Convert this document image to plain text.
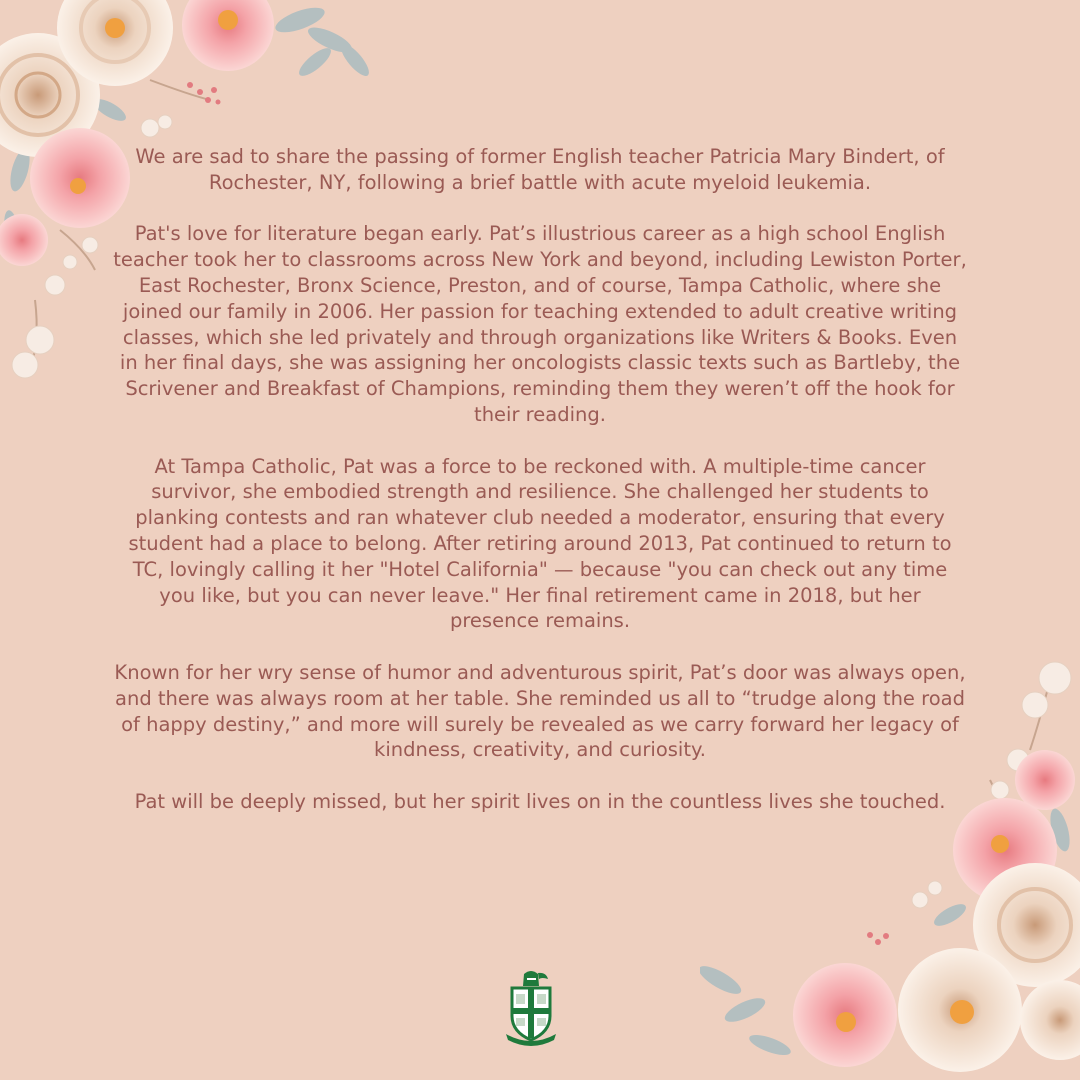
We are sad to share the passing of former English teacher Patricia Mary Bindert, of Rochester, NY, following a brief battle with acute myeloid leukemia.

Pat's love for literature began early. Pat’s illustrious career as a high school English teacher took her to classrooms across New York and beyond, including Lewiston Porter, East Rochester, Bronx Science, Preston, and of course, Tampa Catholic, where she joined our family in 2006. Her passion for teaching extended to adult creative writing classes, which she led privately and through organizations like Writers & Books. Even in her final days, she was assigning her oncologists classic texts such as Bartleby, the Scrivener and Breakfast of Champions, reminding them they weren’t off the hook for their reading.

At Tampa Catholic, Pat was a force to be reckoned with. A multiple-time cancer survivor, she embodied strength and resilience. She challenged her students to planking contests and ran whatever club needed a moderator, ensuring that every student had a place to belong. After retiring around 2013, Pat continued to return to TC, lovingly calling it her "Hotel California" — because "you can check out any time you like, but you can never leave." Her final retirement came in 2018, but her presence remains.

Known for her wry sense of humor and adventurous spirit, Pat’s door was always open, and there was always room at her table. She reminded us all to “trudge along the road of happy destiny,” and more will surely be revealed as we carry forward her legacy of kindness, creativity, and curiosity.

Pat will be deeply missed, but her spirit lives on in the countless lives she touched.
